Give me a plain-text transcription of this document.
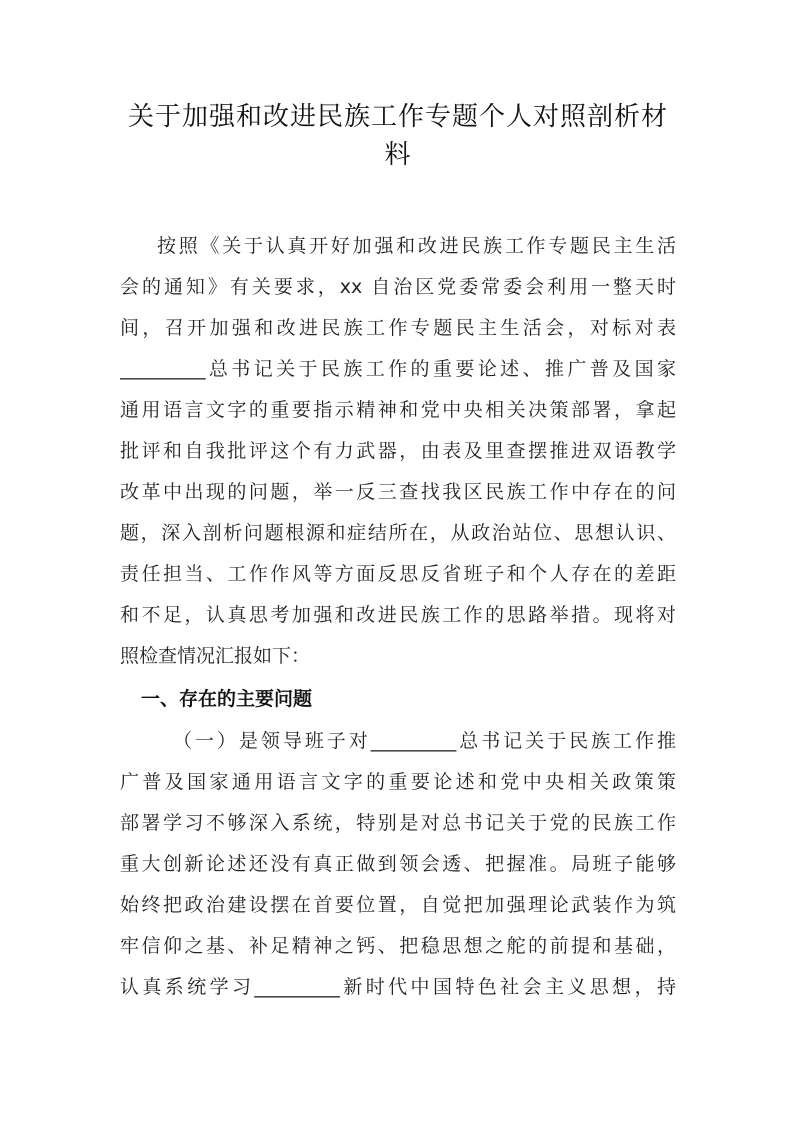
关于加强和改进民族工作专题个人对照剖析材
料
按照《关于认真开好加强和改进民族工作专题民主生活
会的通知》有关要求，xx 自治区党委常委会利用一整天时
间，召开加强和改进民族工作专题民主生活会，对标对表
_________总书记关于民族工作的重要论述、推广普及国家
通用语言文字的重要指示精神和党中央相关决策部署，拿起
批评和自我批评这个有力武器，由表及里查摆推进双语教学
改革中出现的问题，举一反三查找我区民族工作中存在的问
题，深入剖析问题根源和症结所在，从政治站位、思想认识、
责任担当、工作作风等方面反思反省班子和个人存在的差距
和不足，认真思考加强和改进民族工作的思路举措。现将对
照检查情况汇报如下：
一、存在的主要问题
（一）是领导班子对_________总书记关于民族工作推
广普及国家通用语言文字的重要论述和党中央相关政策策
部署学习不够深入系统，特别是对总书记关于党的民族工作
重大创新论述还没有真正做到领会透、把握准。局班子能够
始终把政治建设摆在首要位置，自觉把加强理论武装作为筑
牢信仰之基、补足精神之钙、把稳思想之舵的前提和基础，
认真系统学习_________新时代中国特色社会主义思想，持
